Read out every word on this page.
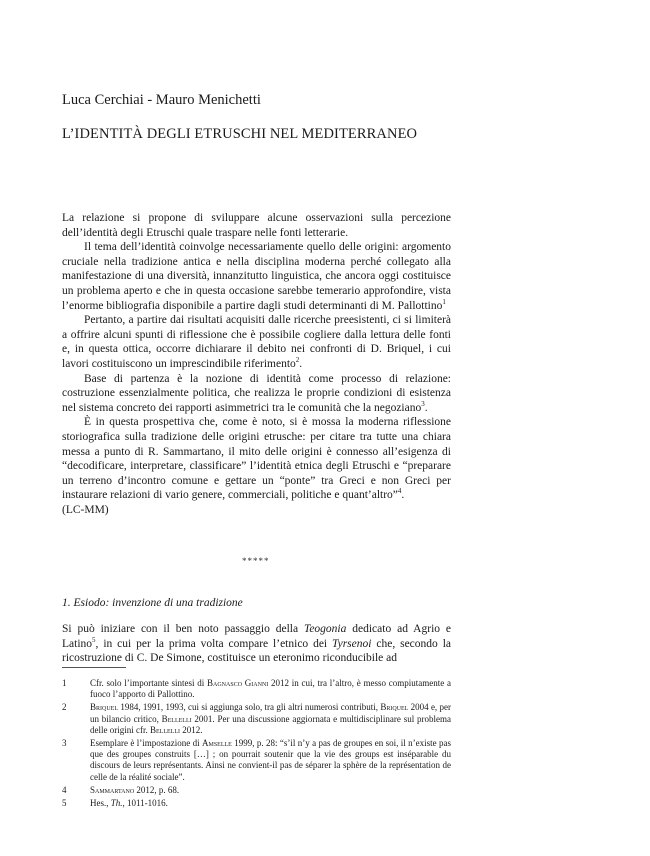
Luca Cerchiai - Mauro Menichetti
L’IDENTITÀ DEGLI ETRUSCHI NEL MEDITERRANEO

La relazione si propone di sviluppare alcune osservazioni sulla percezione dell’identità degli Etruschi quale traspare nelle fonti letterarie.

Il tema dell’identità coinvolge necessariamente quello delle origini: argomento cruciale nella tradizione antica e nella disciplina moderna perché collegato alla manifestazione di una diversità, innanzitutto linguistica, che ancora oggi costituisce un problema aperto e che in questa occasione sarebbe temerario approfondire, vista l’enorme bibliografia disponibile a partire dagli studi determinanti di M. Pallottino$^1$

Pertanto, a partire dai risultati acquisiti dalle ricerche preesistenti, ci si limiterà a offrire alcuni spunti di riflessione che è possibile cogliere dalla lettura delle fonti e, in questa ottica, occorre dichiarare il debito nei confronti di D. Briquel, i cui lavori costituiscono un imprescindibile riferimento$^2$.

Base di partenza è la nozione di identità come processo di relazione: costruzione essenzialmente politica, che realizza le proprie condizioni di esistenza nel sistema concreto dei rapporti asimmetrici tra le comunità che la negoziano$^3$.

È in questa prospettiva che, come è noto, si è mossa la moderna riflessione storiografica sulla tradizione delle origini etrusche: per citare tra tutte una chiara messa a punto di R. Sammartano, il mito delle origini è connesso all’esigenza di “decodificare, interpretare, classificare” l’identità etnica degli Etruschi e “preparare un terreno d’incontro comune e gettare un “ponte” tra Greci e non Greci per instaurare relazioni di vario genere, commerciali, politiche e quant’altro”$^4$.

(LC-MM)

*****
1. Esiodo: invenzione di una tradizione

Si può iniziare con il ben noto passaggio della Teogonia dedicato ad Agrio e Latino$^5$, in cui per la prima volta compare l’etnico dei Tyrsenoi che, secondo la ricostruzione di C. De Simone, costituisce un eteronimo riconducibile ad

1	Cfr. solo l’importante sintesi di Bagnasco Gianni 2012 in cui, tra l’altro, è messo compiutamente a fuoco l’apporto di Pallottino.
2	Briquel 1984, 1991, 1993, cui si aggiunga solo, tra gli altri numerosi contributi, Briquel 2004 e, per un bilancio critico, Bellelli 2001. Per una discussione aggiornata e multidisciplinare sul problema delle origini cfr. Bellelli 2012.
3	Esemplare è l’impostazione di Amselle 1999, p. 28: “s’il n’y a pas de groupes en soi, il n’existe pas que des groupes construits […] ; on pourrait soutenir que la vie des groups est inséparable du discours de leurs représentants. Ainsi ne convient-il pas de séparer la sphère de la représentation de celle de la réalité sociale”.
4	Sammartano 2012, p. 68.
5	Hes., Th., 1011-1016.
